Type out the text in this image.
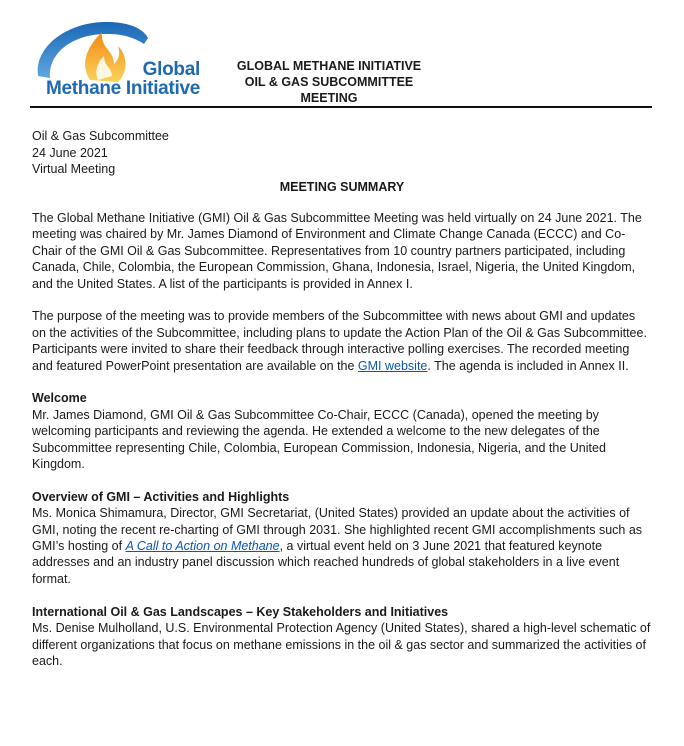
Global
Methane Initiative
GLOBAL METHANE INITIATIVE
OIL & GAS SUBCOMMITTEE
MEETING
Oil & Gas Subcommittee
24 June 2021
Virtual Meeting
MEETING SUMMARY

The Global Methane Initiative (GMI) Oil & Gas Subcommittee Meeting was held virtually on 24 June 2021. The meeting was chaired by Mr. James Diamond of Environment and Climate Change Canada (ECCC) and Co-Chair of the GMI Oil & Gas Subcommittee. Representatives from 10 country partners participated, including Canada, Chile, Colombia, the European Commission, Ghana, Indonesia, Israel, Nigeria, the United Kingdom, and the United States. A list of the participants is provided in Annex I.

The purpose of the meeting was to provide members of the Subcommittee with news about GMI and updates on the activities of the Subcommittee, including plans to update the Action Plan of the Oil & Gas Subcommittee. Participants were invited to share their feedback through interactive polling exercises. The recorded meeting and featured PowerPoint presentation are available on the GMI website. The agenda is included in Annex II.

Welcome
Mr. James Diamond, GMI Oil & Gas Subcommittee Co-Chair, ECCC (Canada), opened the meeting by welcoming participants and reviewing the agenda. He extended a welcome to the new delegates of the Subcommittee representing Chile, Colombia, European Commission, Indonesia, Nigeria, and the United Kingdom.

Overview of GMI – Activities and Highlights
Ms. Monica Shimamura, Director, GMI Secretariat, (United States) provided an update about the activities of GMI, noting the recent re-charting of GMI through 2031. She highlighted recent GMI accomplishments such as GMI’s hosting of A Call to Action on Methane, a virtual event held on 3 June 2021 that featured keynote addresses and an industry panel discussion which reached hundreds of global stakeholders in a live event format.

International Oil & Gas Landscapes – Key Stakeholders and Initiatives
Ms. Denise Mulholland, U.S. Environmental Protection Agency (United States), shared a high-level schematic of different organizations that focus on methane emissions in the oil & gas sector and summarized the activities of each.
